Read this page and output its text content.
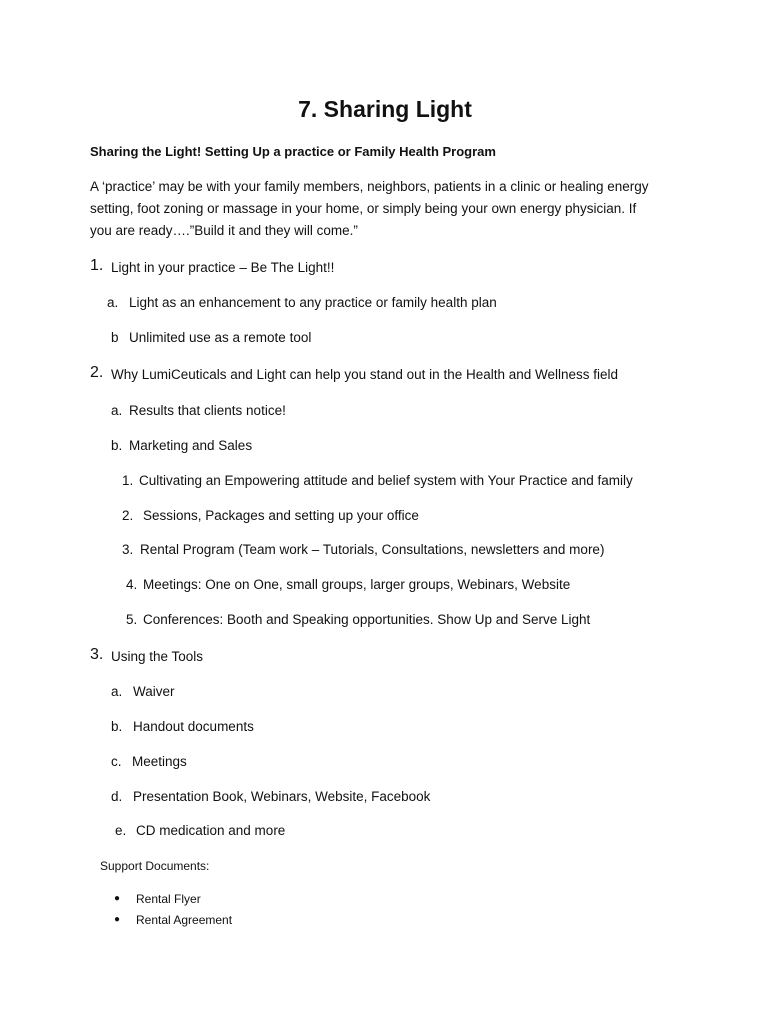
7. Sharing Light
Sharing the Light! Setting Up a practice or Family Health Program
A ‘practice’ may be with your family members, neighbors, patients in a clinic or healing energy
setting, foot zoning or massage in your home, or simply being your own energy physician. If
you are ready….”Build it and they will come.”
1. Light in your practice – Be The Light!!
a. Light as an enhancement to any practice or family health plan
b Unlimited use as a remote tool
2. Why LumiCeuticals and Light can help you stand out in the Health and Wellness field
a. Results that clients notice!
b. Marketing and Sales
1. Cultivating an Empowering attitude and belief system with Your Practice and family
2. Sessions, Packages and setting up your office
3. Rental Program (Team work – Tutorials, Consultations, newsletters and more)
4. Meetings: One on One, small groups, larger groups, Webinars, Website
5. Conferences: Booth and Speaking opportunities. Show Up and Serve Light
3. Using the Tools
a. Waiver
b. Handout documents
c. Meetings
d. Presentation Book, Webinars, Website, Facebook
e. CD medication and more
Support Documents:
● Rental Flyer
● Rental Agreement
